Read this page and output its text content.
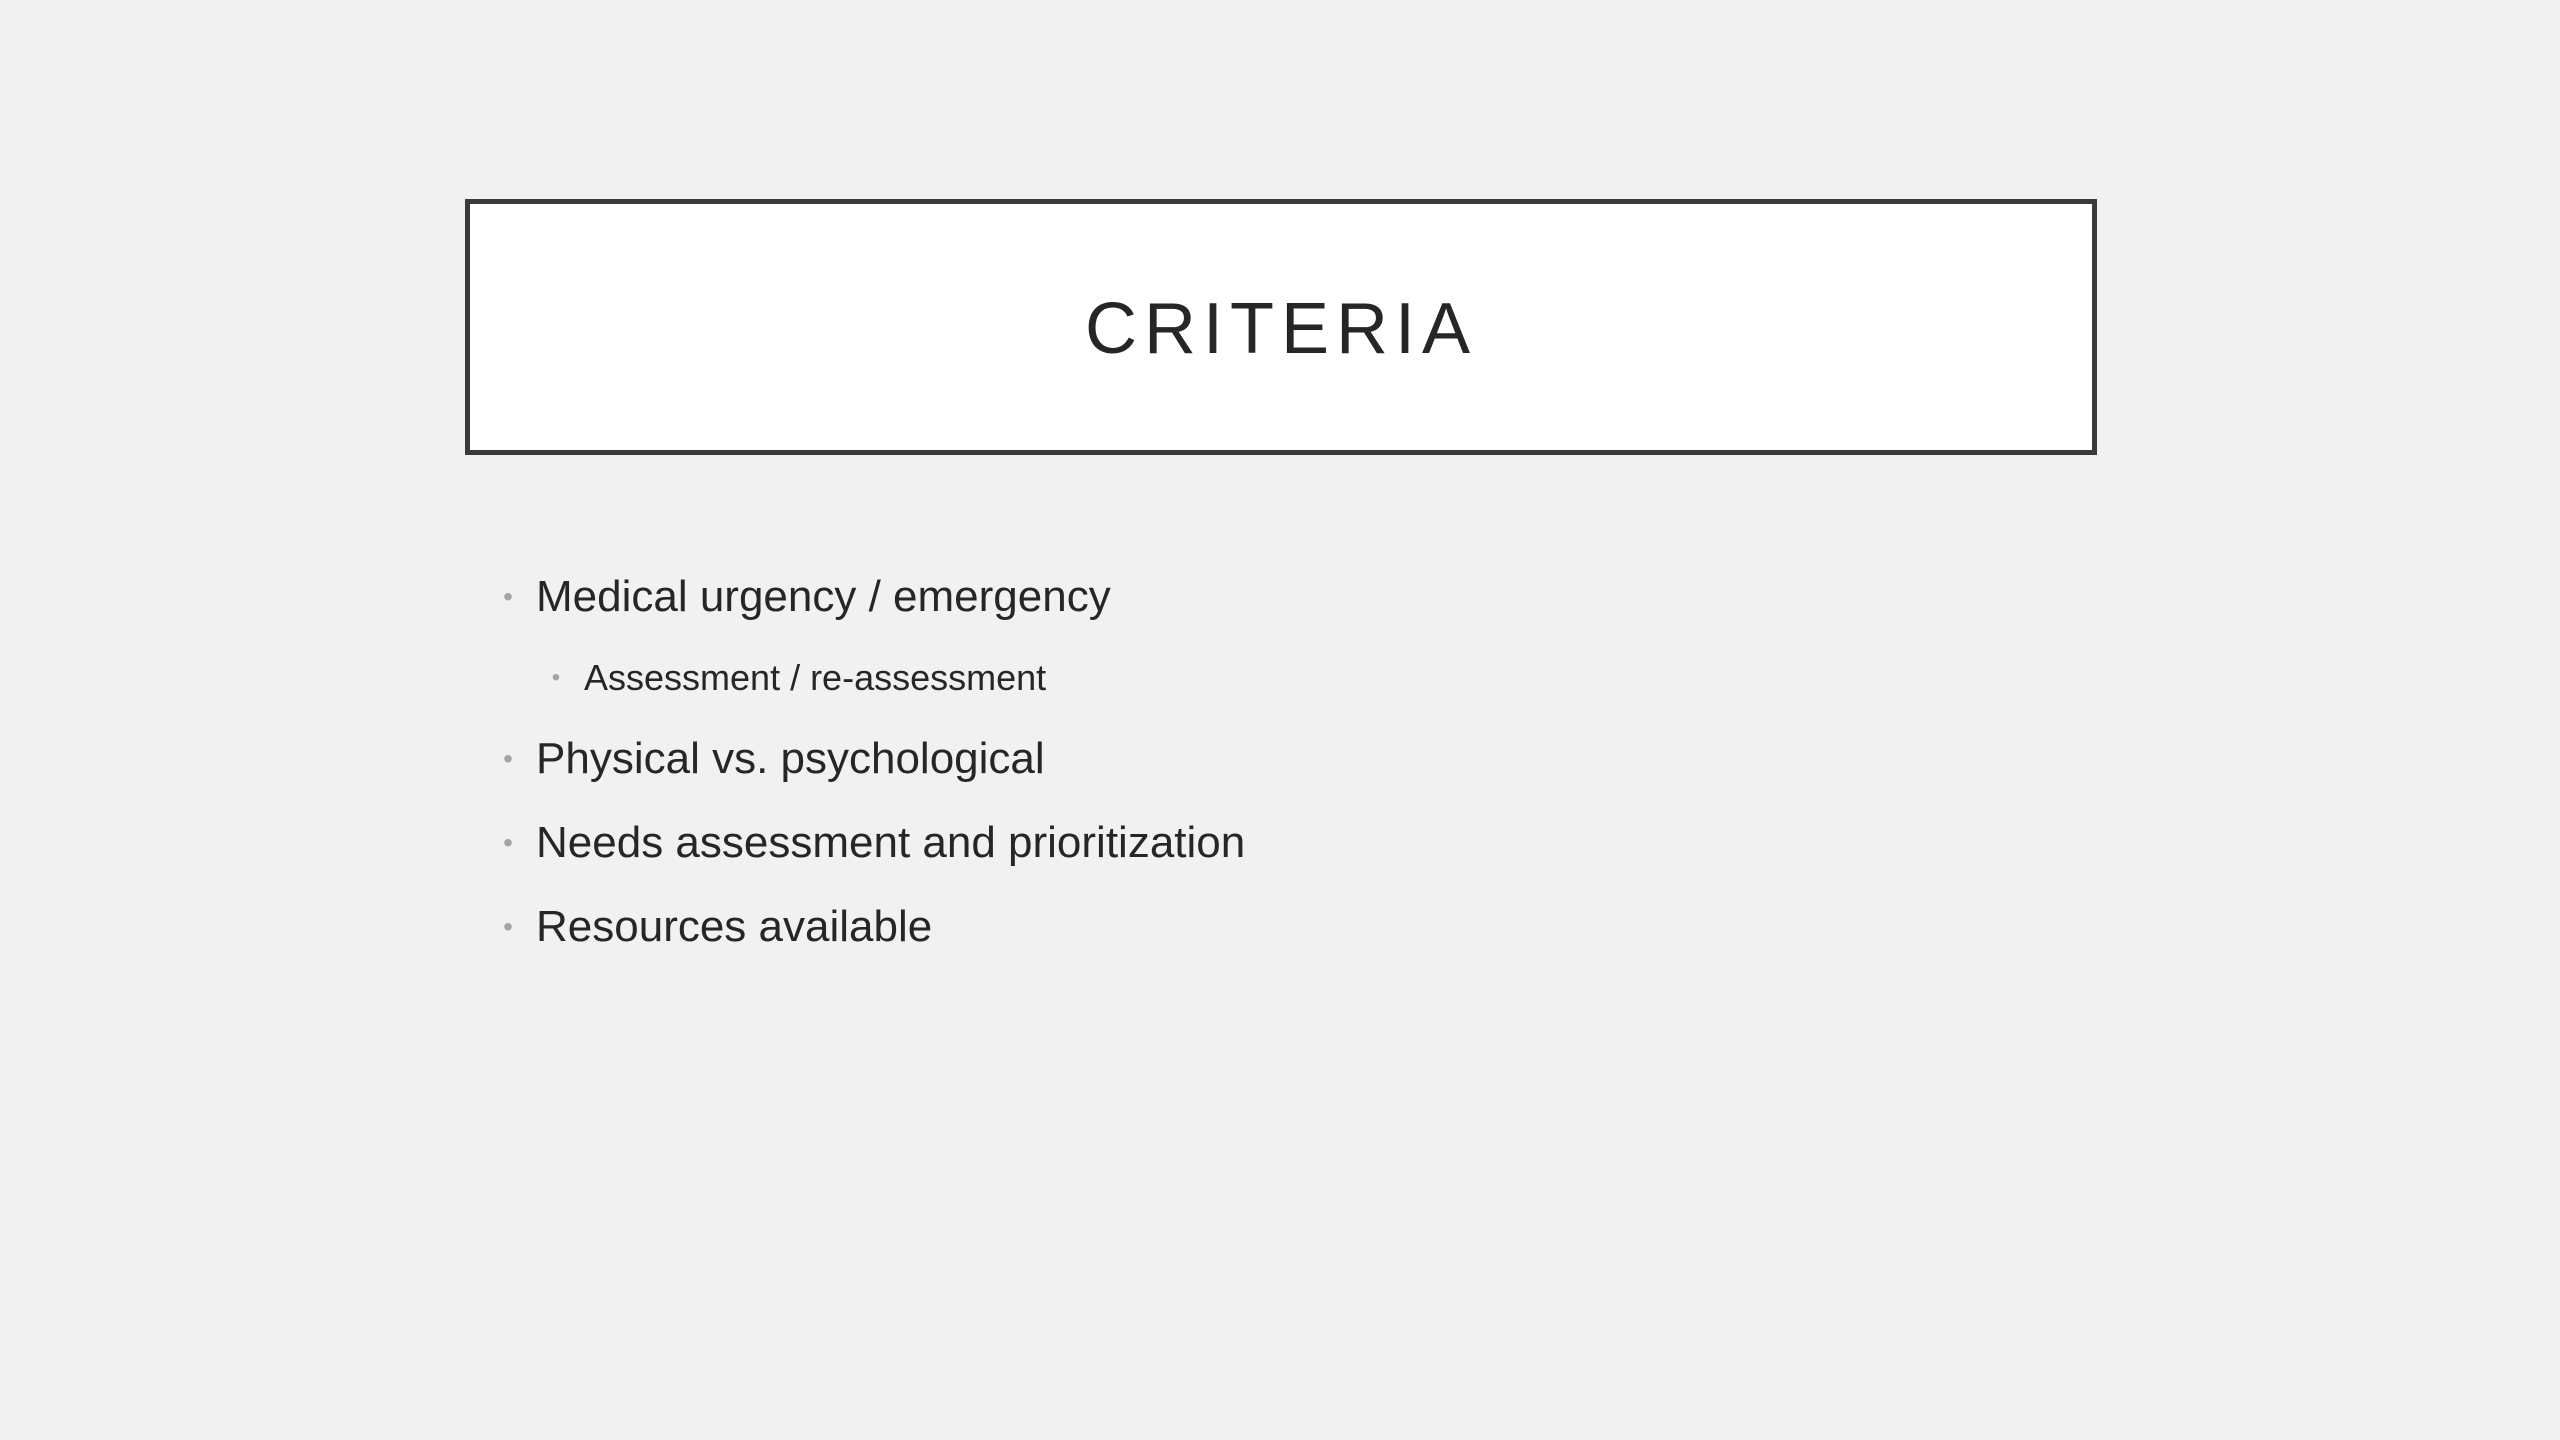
CRITERIA
• Medical urgency / emergency
• Assessment / re-assessment
• Physical vs. psychological
• Needs assessment and prioritization
• Resources available
